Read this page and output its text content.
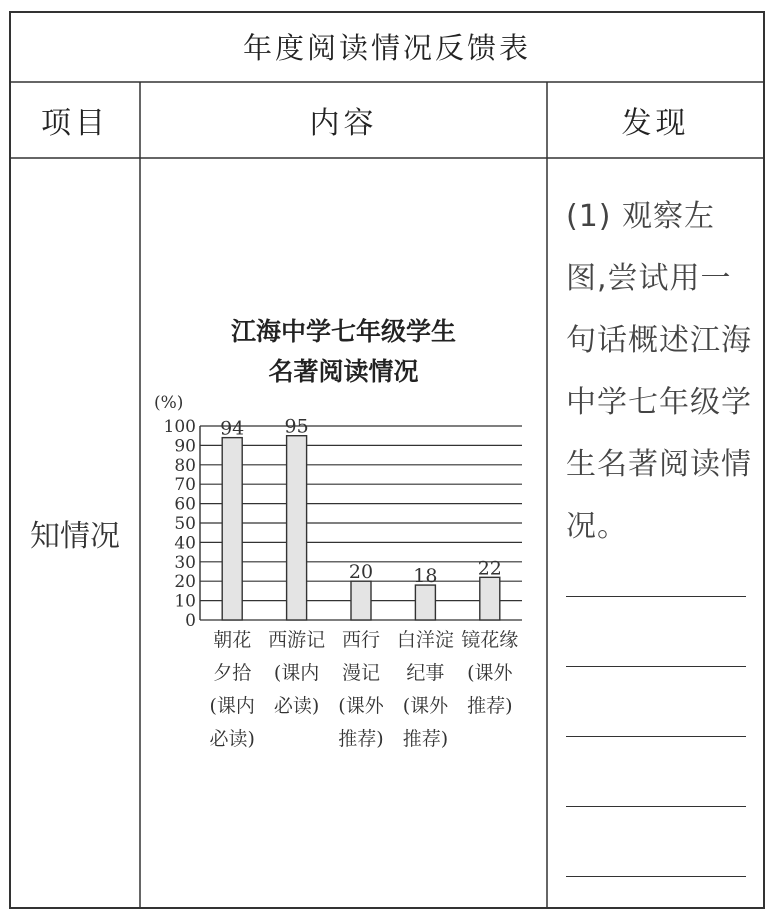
年度阅读情况反馈表
项目	内容	发现
知情况
江海中学七年级学生
名著阅读情况
(%)
0
10
20
30
40
50
60
70
80
90
100 94
朝花
夕拾
(课内
必读)
95
西游记
(课内
必读)
20
西行
漫记
(课外
推荐)
18
白洋淀
纪事
(课外
推荐)
22
镜花缘
(课外
推荐)
(1) 观察左图,尝试用一句话概述江海中学七年级学生名著阅读情况。
